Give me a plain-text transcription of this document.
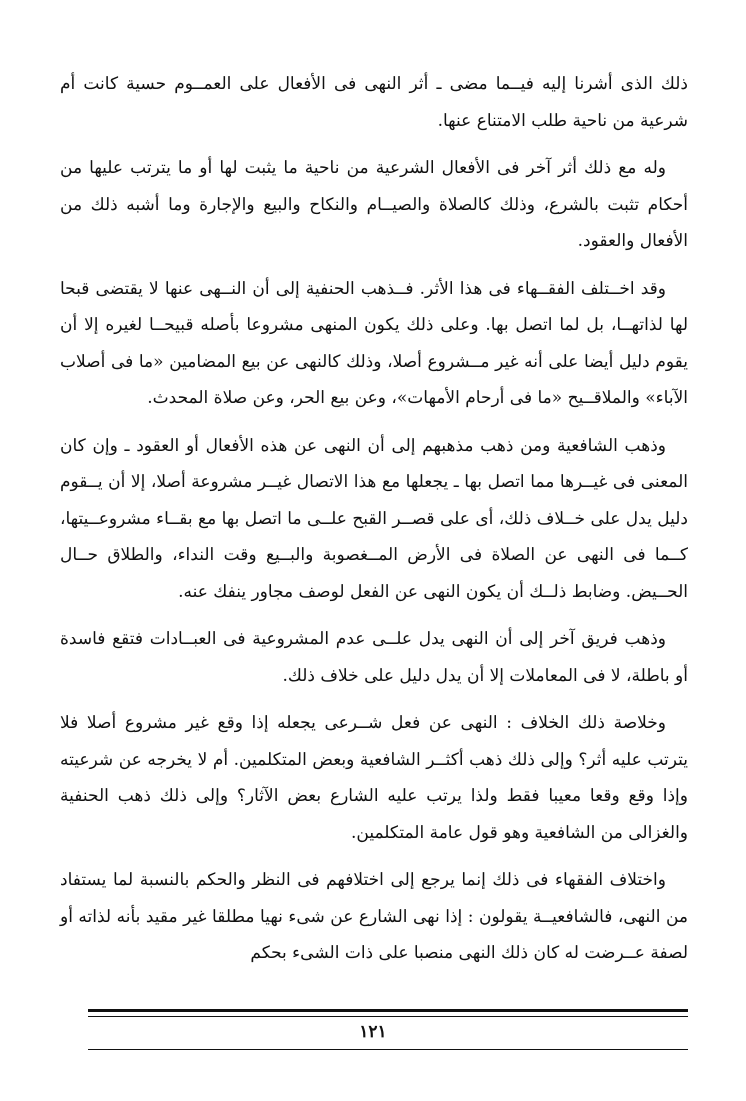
ذلك الذى أشرنا إليه فيــما مضى ـ أثر النهى فى الأفعال على العمــوم حسية كانت أم شرعية من ناحية طلب الامتناع عنها.

وله مع ذلك أثر آخر فى الأفعال الشرعية من ناحية ما يثبت لها أو ما يترتب عليها من أحكام تثبت بالشرع، وذلك كالصلاة والصيــام والنكاح والبيع والإجارة وما أشبه ذلك من الأفعال والعقود.

وقد اخــتلف الفقــهاء فى هذا الأثر. فــذهب الحنفية إلى أن النــهى عنها لا يقتضى قبحا لها لذاتهــا، بل لما اتصل بها. وعلى ذلك يكون المنهى مشروعا بأصله قبيحــا لغيره إلا أن يقوم دليل أيضا على أنه غير مــشروع أصلا، وذلك كالنهى عن بيع المضامين «ما فى أصلاب الآباء» والملاقــيح «ما فى أرحام الأمهات»، وعن بيع الحر، وعن صلاة المحدث.

وذهب الشافعية ومن ذهب مذهبهم إلى أن النهى عن هذه الأفعال أو العقود ـ وإن كان المعنى فى غيــرها مما اتصل بها ـ يجعلها مع هذا الاتصال غيــر مشروعة أصلا، إلا أن يــقوم دليل يدل على خــلاف ذلك، أى على قصــر القبح علــى ما اتصل بها مع بقــاء مشروعــيتها، كــما فى النهى عن الصلاة فى الأرض المــغصوبة والبــيع وقت النداء، والطلاق حــال الحــيض. وضابط ذلــك أن يكون النهى عن الفعل لوصف مجاور ينفك عنه.

وذهب فريق آخر إلى أن النهى يدل علــى عدم المشروعية فى العبــادات فتقع فاسدة أو باطلة، لا فى المعاملات إلا أن يدل دليل على خلاف ذلك.

وخلاصة ذلك الخلاف : النهى عن فعل شــرعى يجعله إذا وقع غير مشروع أصلا فلا يترتب عليه أثر؟ وإلى ذلك ذهب أكثــر الشافعية وبعض المتكلمين. أم لا يخرجه عن شرعيته وإذا وقع وقعا معيبا فقط ولذا يرتب عليه الشارع بعض الآثار؟ وإلى ذلك ذهب الحنفية والغزالى من الشافعية وهو قول عامة المتكلمين.

واختلاف الفقهاء فى ذلك إنما يرجع إلى اختلافهم فى النظر والحكم بالنسبة لما يستفاد من النهى، فالشافعيــة يقولون : إذا نهى الشارع عن شىء نهيا مطلقا غير مقيد بأنه لذاته أو لصفة عــرضت له كان ذلك النهى منصبا على ذات الشىء بحكم

١٢١
